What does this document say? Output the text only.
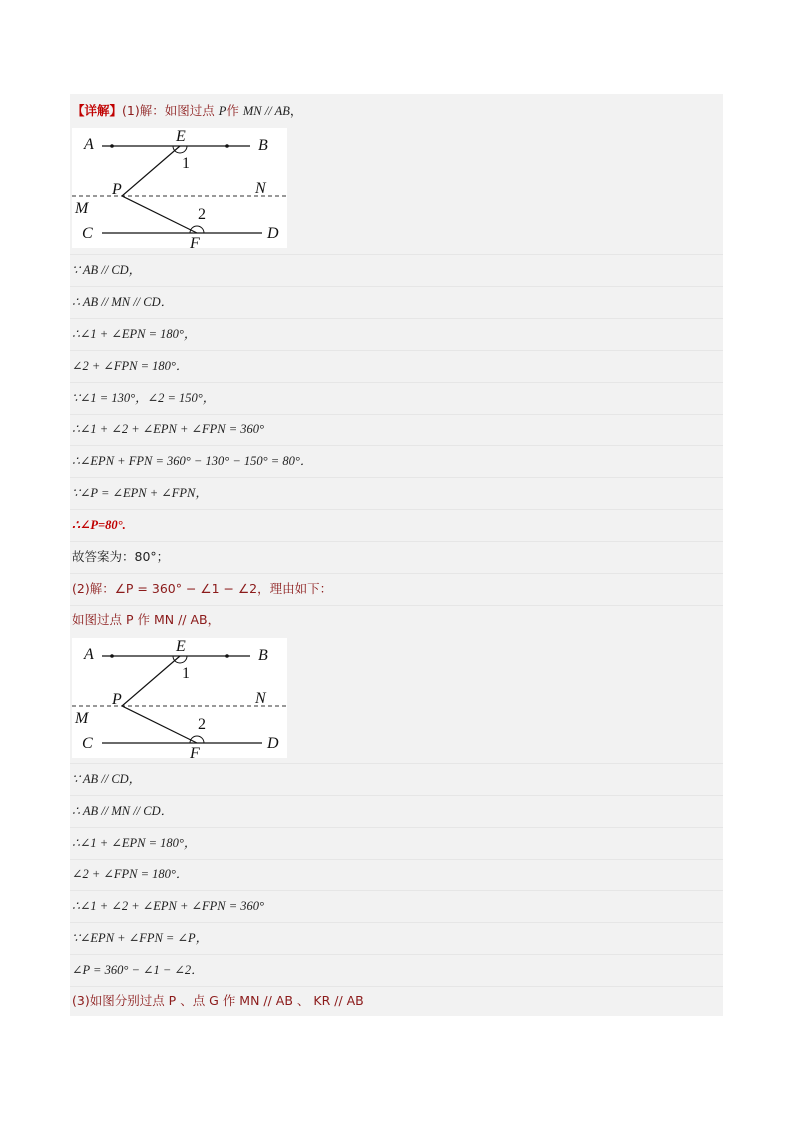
【详解】(1)解：如图过点 P作 MN // AB，
A	B
E
1
P	N
M	2
C
F
D
∵ AB // CD，
∴ AB // MN // CD．
∴∠1 + ∠EPN = 180°，
∠2 + ∠FPN = 180°．
∵∠1 = 130°，∠2 = 150°，
∴∠1 + ∠2 + ∠EPN + ∠FPN = 360°
∴∠EPN + FPN = 360° − 130° − 150° = 80°．
∵∠P = ∠EPN + ∠FPN，
∴∠P=80°.
故答案为：80°；
(2)解：∠P = 360° − ∠1 − ∠2，理由如下：
如图过点 P 作 MN // AB，
A	B
E
1
P	N
M	2
C
F
D
∵ AB // CD，
∴ AB // MN // CD．
∴∠1 + ∠EPN = 180°，
∠2 + ∠FPN = 180°．
∴∠1 + ∠2 + ∠EPN + ∠FPN = 360°
∵∠EPN + ∠FPN = ∠P，
∠P = 360° − ∠1 − ∠2．
(3)如图分别过点 P 、点 G 作 MN // AB 、 KR // AB
